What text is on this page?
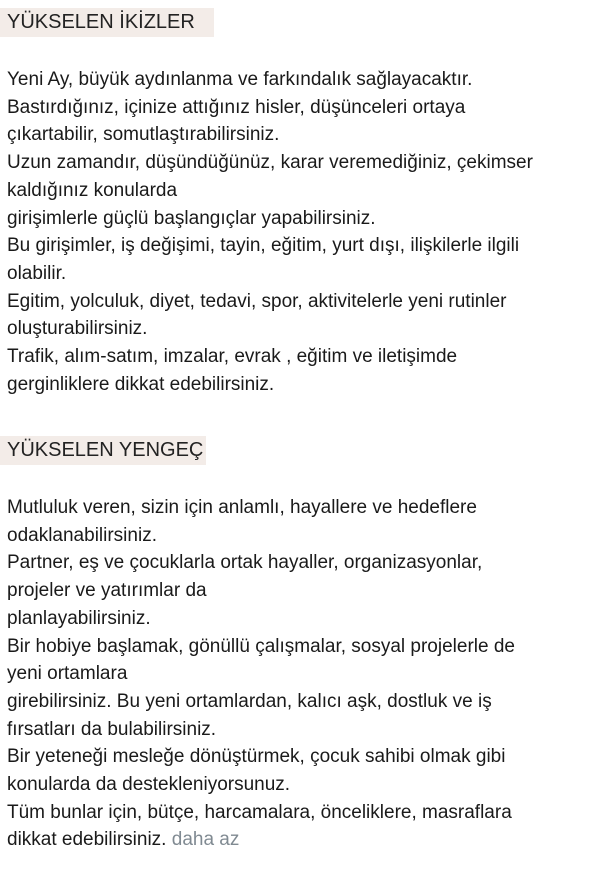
YÜKSELEN İKİZLER
Yeni Ay, büyük aydınlanma ve farkındalık sağlayacaktır.
Bastırdığınız, içinize attığınız hisler, düşünceleri ortaya
çıkartabilir, somutlaştırabilirsiniz.
Uzun zamandır, düşündüğünüz, karar veremediğiniz, çekimser
kaldığınız konularda
girişimlerle güçlü başlangıçlar yapabilirsiniz.
Bu girişimler, iş değişimi, tayin, eğitim, yurt dışı, ilişkilerle ilgili
olabilir.
Egitim, yolculuk, diyet, tedavi, spor, aktivitelerle yeni rutinler
oluşturabilirsiniz.
Trafik, alım-satım, imzalar, evrak , eğitim ve iletişimde
gerginliklere dikkat edebilirsiniz.
YÜKSELEN YENGEÇ
Mutluluk veren, sizin için anlamlı, hayallere ve hedeflere
odaklanabilirsiniz.
Partner, eş ve çocuklarla ortak hayaller, organizasyonlar,
projeler ve yatırımlar da
planlayabilirsiniz.
Bir hobiye başlamak, gönüllü çalışmalar, sosyal projelerle de
yeni ortamlara
girebilirsiniz. Bu yeni ortamlardan, kalıcı aşk, dostluk ve iş
fırsatları da bulabilirsiniz.
Bir yeteneği mesleğe dönüştürmek, çocuk sahibi olmak gibi
konularda da destekleniyorsunuz.
Tüm bunlar için, bütçe, harcamalara, önceliklere, masraflara
dikkat edebilirsiniz. daha az
